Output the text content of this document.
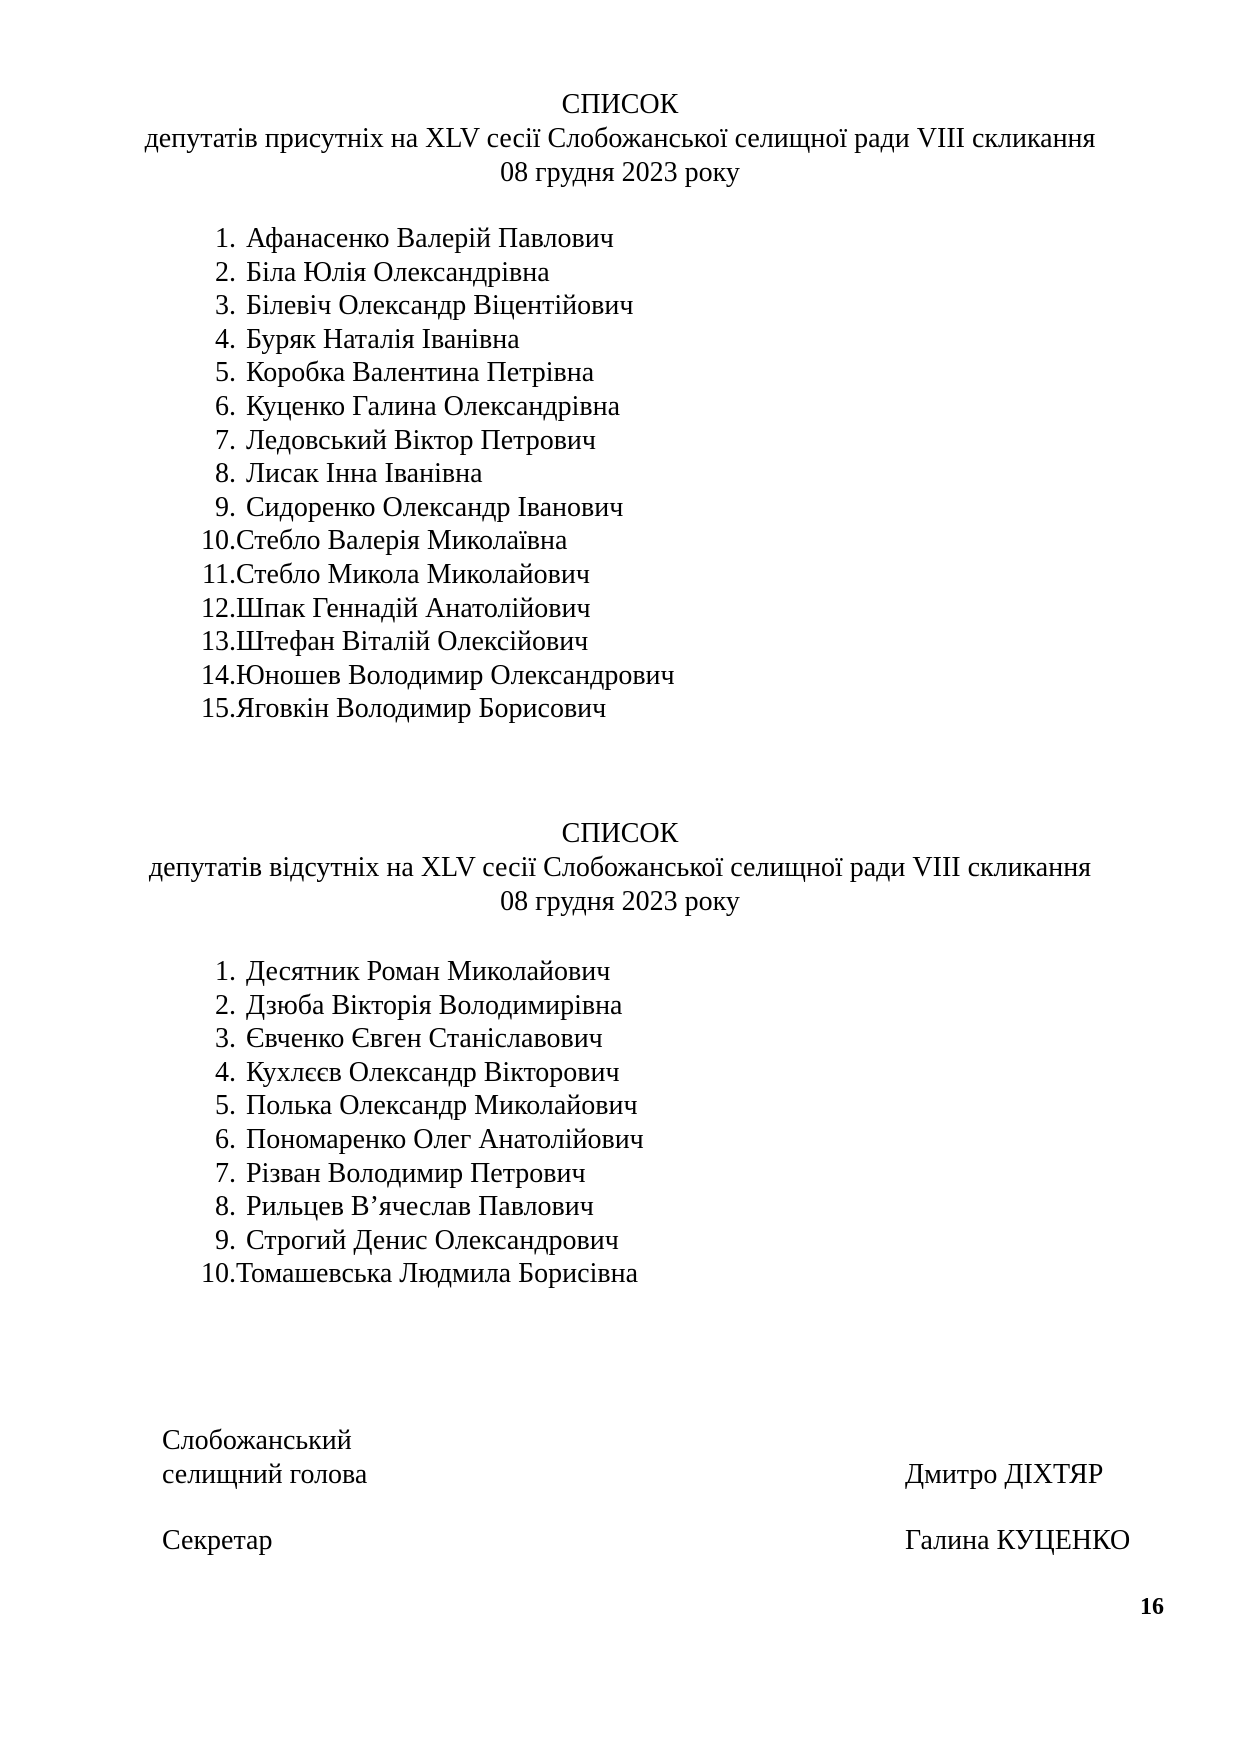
СПИСОК
депутатів присутніх на XLV сесії Слобожанської селищної ради VIII скликання
08 грудня 2023 року
1. Афанасенко Валерій Павлович
2. Біла Юлія Олександрівна
3. Білевіч Олександр Віцентійович
4. Буряк Наталія Іванівна
5. Коробка Валентина Петрівна
6. Куценко Галина Олександрівна
7. Ледовський Віктор Петрович
8. Лисак Інна Іванівна
9. Сидоренко Олександр Іванович
10. Стебло Валерія Миколаївна
11. Стебло Микола Миколайович
12. Шпак Геннадій Анатолійович
13. Штефан Віталій Олексійович
14. Юношев Володимир Олександрович
15. Яговкін Володимир Борисович
СПИСОК
депутатів відсутніх на XLV сесії Слобожанської селищної ради VIII скликання
08 грудня 2023 року
1. Десятник Роман Миколайович
2. Дзюба Вікторія Володимирівна
3. Євченко Євген Станіславович
4. Кухлєєв Олександр Вікторович
5. Полька Олександр Миколайович
6. Пономаренко Олег Анатолійович
7. Різван Володимир Петрович
8. Рильцев В’ячеслав Павлович
9. Строгий Денис Олександрович
10. Томашевська Людмила Борисівна
Слобожанський
селищний голова	Дмитро ДІХТЯР
Секретар	Галина КУЦЕНКО
16
